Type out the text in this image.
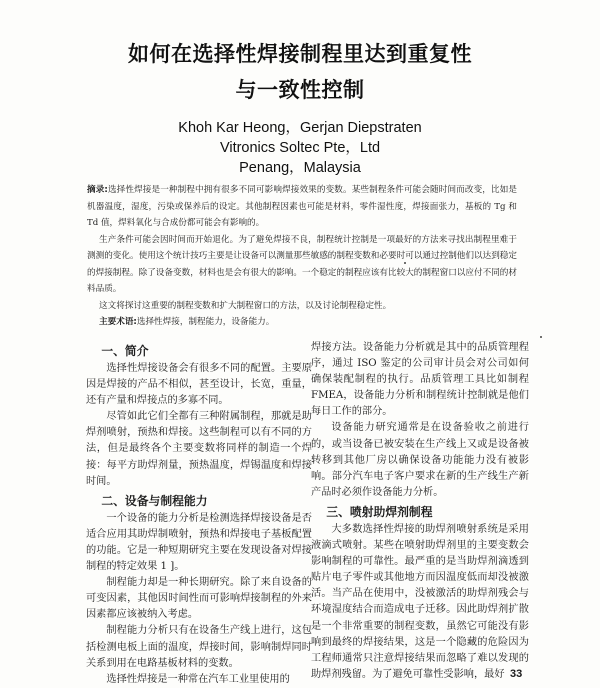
如何在选择性焊接制程里达到重复性
与一致性控制
Khoh Kar Heong，Gerjan Diepstraten
Vitronics Soltec Pte，Ltd
Penang，Malaysia

摘录:选择性焊接是一种制程中拥有很多不同可影响焊接效果的变数。某些制程条件可能会随时间而改变，比如是机器温度，湿度，污染或保养后的设定。其他制程因素也可能是材料，零件湿性度，焊接面张力，基板的 Tg 和 Td 值，焊料氧化与合成份都可能会有影响的。

生产条件可能会因时间而开始退化。为了避免焊接不良，制程统计控制是一项最好的方法来寻找出制程里难于测测的变化。使用这个统计技巧主要是让设备可以测量那些敏感的制程变数和必要时可以通过控制他们以达到稳定的焊接制程。除了设备变数，材料也是会有很大的影响。一个稳定的制程应该有比较大的制程窗口以应付不同的材料品质。

这文将探讨这重要的制程变数和扩大制程窗口的方法，以及讨论制程稳定性。

主要术语:选择性焊接，制程能力，设备能力。

一、简介

选择性焊接设备会有很多不同的配置。主要原因是焊接的产品不相似，甚至设计，长宽，重量，还有产量和焊接点的多寡不同。

尽管如此它们全都有三种附属制程，那就是助焊剂喷射，预热和焊接。这些制程可以有不同的方法，但是最终各个主要变数将同样的制造一个焊接：每平方助焊剂量，预热温度，焊锡温度和焊接时间。

二、设备与制程能力

一个设备的能力分析是检测选择焊接设备是否适合应用其助焊制喷射，预热和焊接电子基板配置的功能。它是一种短期研究主要在发现设备对焊接制程的特定效果 1 ]。

制程能力却是一种长期研究。除了来自设备的可变因素，其他因时间性而可影响焊接制程的外来因素都应该被纳入考虑。

制程能力分析只有在设备生产线上进行，这包括检测电板上面的温度，焊接时间，影响制焊同时关系到用在电路基板材料的变数。

选择性焊接是一种常在汽车工业里使用的

焊接方法。设备能力分析就是其中的品质管理程序，通过 ISO 鉴定的公司审计员会对公司如何确保装配制程的执行。品质管理工具比如制程 FMEA，设备能力分析和制程统计控制就是他们每日工作的部分。

设备能力研究通常是在设备验收之前进行的，或当设备已被安装在生产线上又或是设备被转移到其他厂房以确保设备功能能力没有被影响。部分汽车电子客户要求在新的生产线生产新产品时必须作设备能力分析。

三、喷射助焊剂制程

大多数选择性焊接的助焊剂喷射系统是采用液滴式喷射。某些在喷射助焊剂里的主要变数会影响制程的可靠性。最严重的是当助焊剂滴透到贴片电子零件或其他地方而因温度低而却没被激活。当产品在使用中，没被激活的助焊剂残会与环境湿度结合而造成电子迁移。因此助焊剂扩散是一个非常重要的制程变数，虽然它可能没有影响到最终的焊接结果，这是一个隐藏的危险因为工程师通常只注意焊接结果而忽略了难以发现的助焊剂残留。为了避免可靠性受影响，最好 33
